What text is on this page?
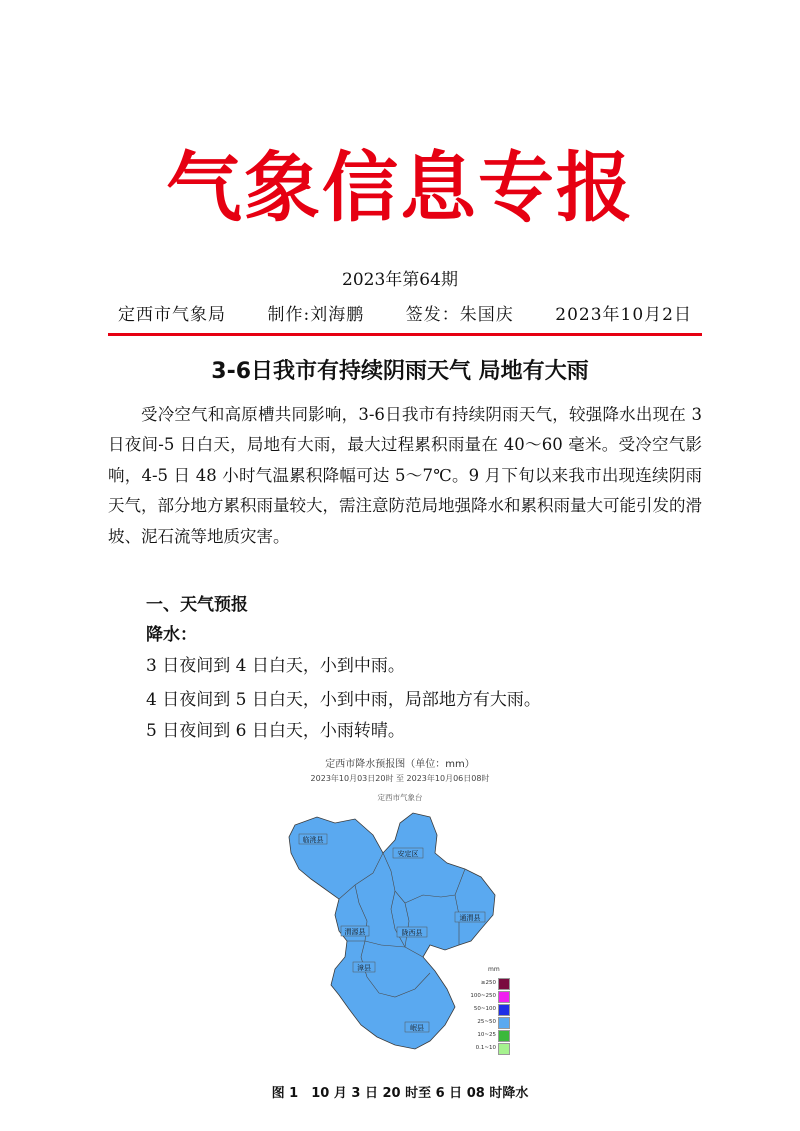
气象信息专报
2023年第64期
定西市气象局 制作:刘海鹏 签发：朱国庆 2023年10月2日
3-6日我市有持续阴雨天气 局地有大雨

受冷空气和高原槽共同影响，3-6日我市有持续阴雨天气，较强降水出现在 3 日夜间-5 日白天，局地有大雨，最大过程累积雨量在 40～60 毫米。受冷空气影响，4-5 日 48 小时气温累积降幅可达 5～7℃。9 月下旬以来我市出现连续阴雨天气，部分地方累积雨量较大，需注意防范局地强降水和累积雨量大可能引发的滑坡、泥石流等地质灾害。

一、天气预报
降水：
3 日夜间到 4 日白天，小到中雨。
4 日夜间到 5 日白天，小到中雨，局部地方有大雨。
5 日夜间到 6 日白天，小雨转晴。
临洮县
安定区
渭源县	陇西县
通渭县
漳县
岷县
定西市降水预报图（单位：mm）
2023年10月03日20时 至 2023年10月06日08时
定西市气象台
mm
≥250
100~250
50~100
25~50
10~25
0.1~10
图 1　10 月 3 日 20 时至 6 日 08 时降水
